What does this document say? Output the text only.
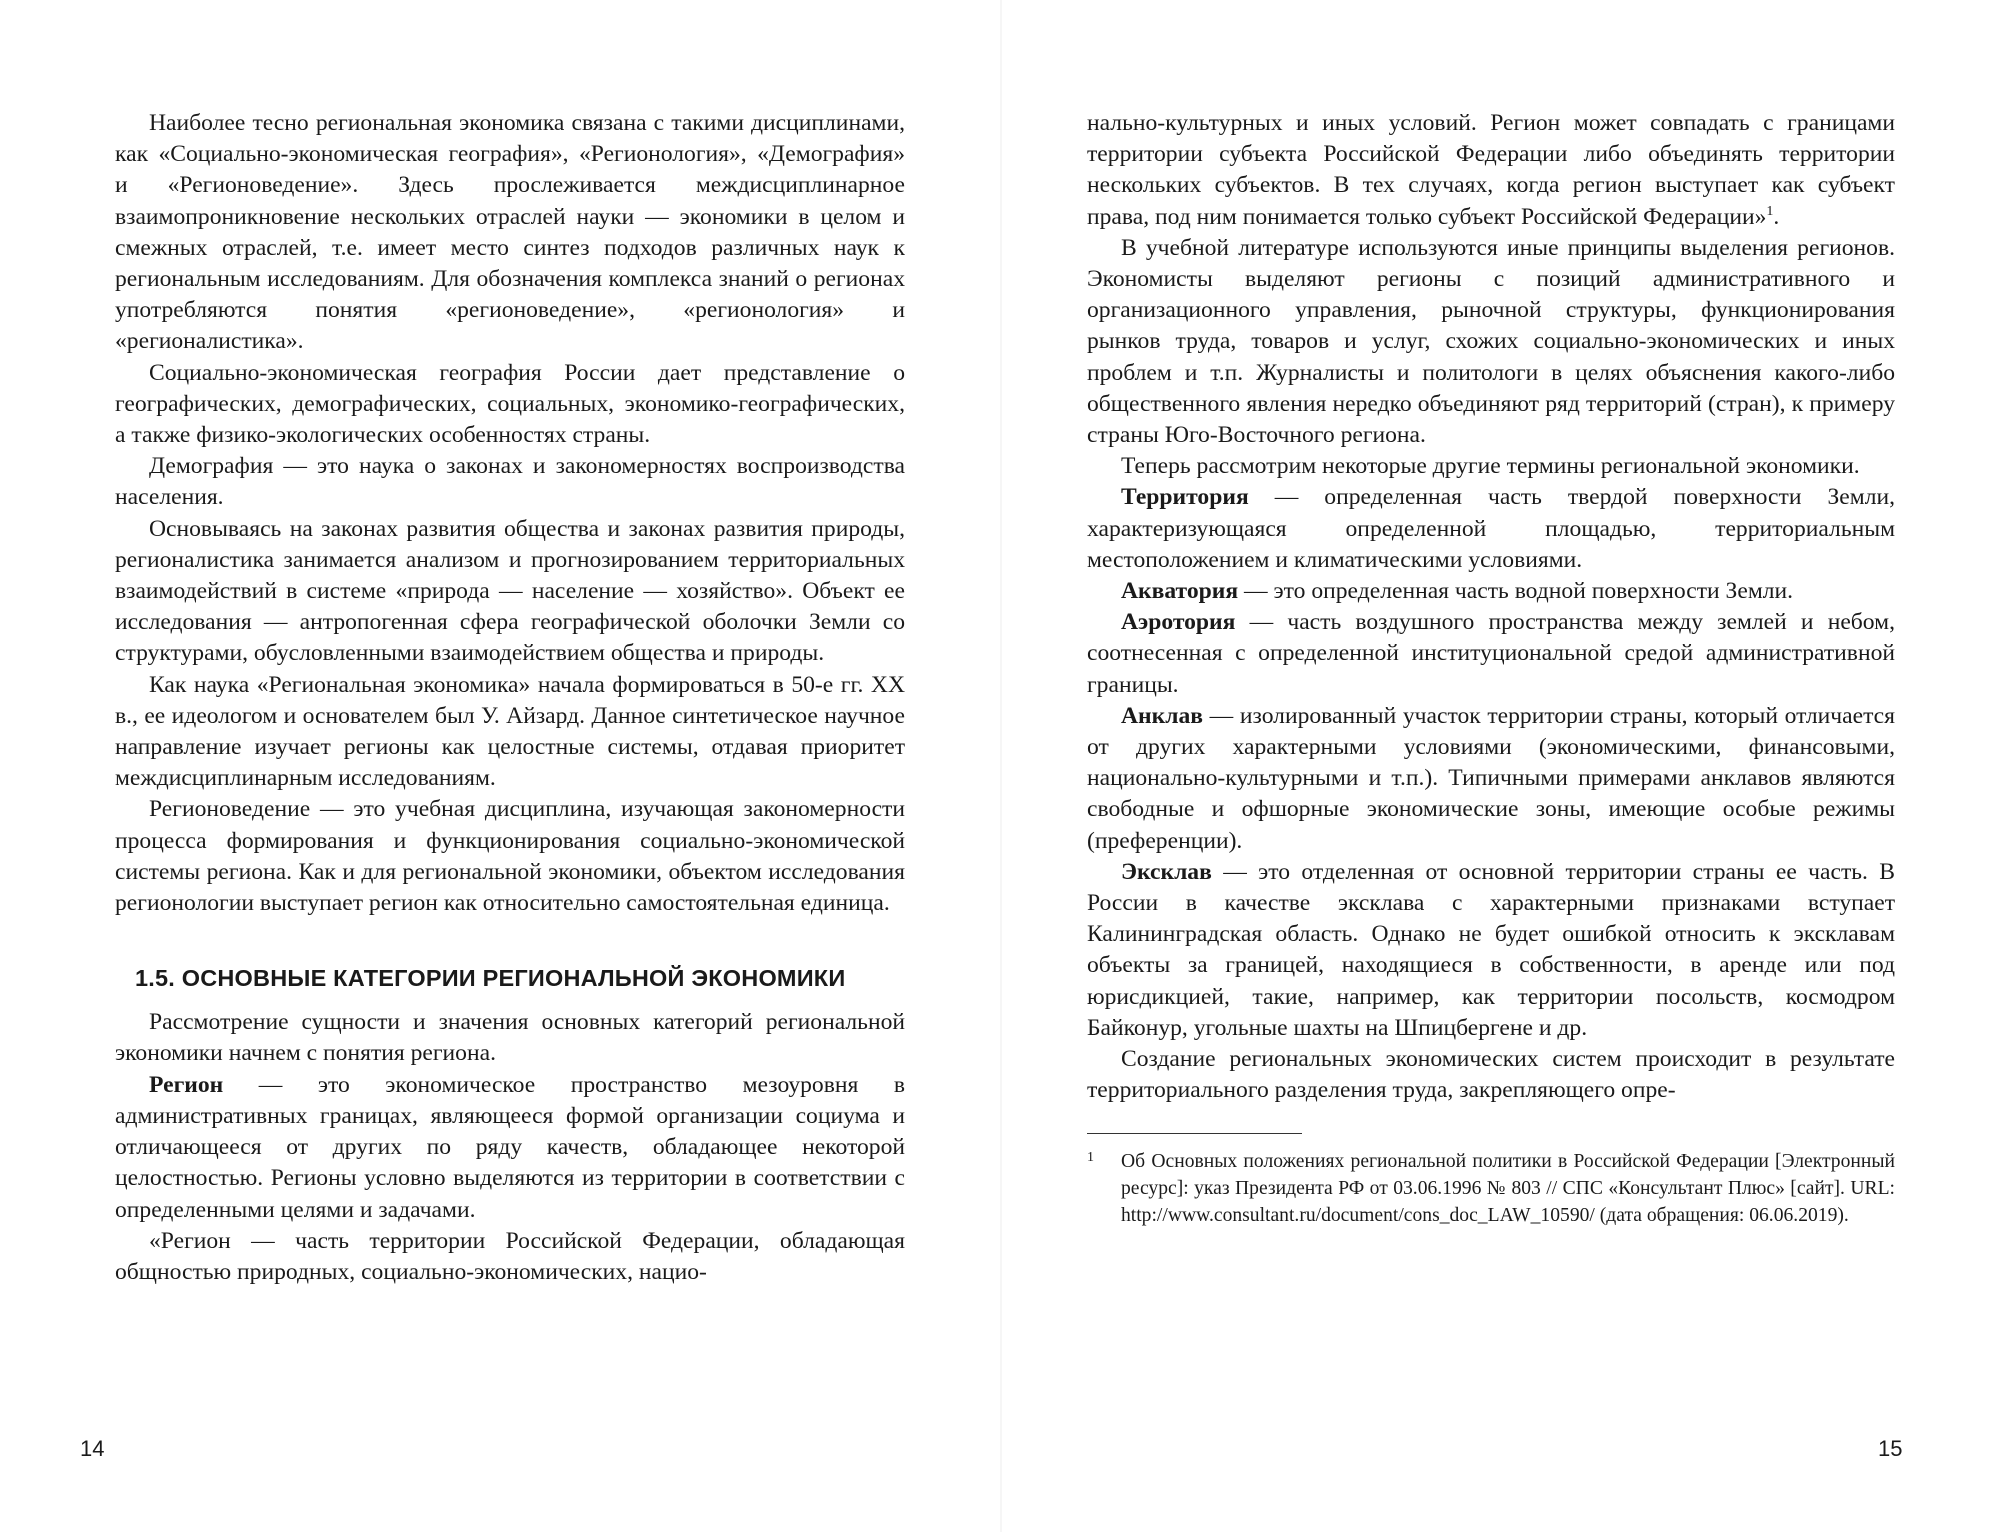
Наиболее тесно региональная экономика связана с такими дисциплинами, как «Социально-экономическая география», «Регионология», «Демография» и «Регионоведение». Здесь прослеживается междисциплинарное взаимопроникновение нескольких отраслей науки — экономики в целом и смежных отраслей, т.е. имеет место синтез подходов различных наук к региональным исследованиям. Для обозначения комплекса знаний о регионах употребляются понятия «регионоведение», «регионология» и «регионалистика».

Социально-экономическая география России дает представление о географических, демографических, социальных, экономико-географических, а также физико-экологических особенностях страны.

Демография — это наука о законах и закономерностях воспроизводства населения.

Основываясь на законах развития общества и законах развития природы, регионалистика занимается анализом и прогнозированием территориальных взаимодействий в системе «природа — население — хозяйство». Объект ее исследования — антропогенная сфера географической оболочки Земли со структурами, обусловленными взаимодействием общества и природы.

Как наука «Региональная экономика» начала формироваться в 50-е гг. XX в., ее идеологом и основателем был У. Айзард. Данное синтетическое научное направление изучает регионы как целостные системы, отдавая приоритет междисциплинарным исследованиям.

Регионоведение — это учебная дисциплина, изучающая закономерности процесса формирования и функционирования социально-экономической системы региона. Как и для региональной экономики, объектом исследования регионологии выступает регион как относительно самостоятельная единица.

1.5. ОСНОВНЫЕ КАТЕГОРИИ РЕГИОНАЛЬНОЙ ЭКОНОМИКИ

Рассмотрение сущности и значения основных категорий региональной экономики начнем с понятия региона.

Регион — это экономическое пространство мезоуровня в административных границах, являющееся формой организации социума и отличающееся от других по ряду качеств, обладающее некоторой целостностью. Регионы условно выделяются из территории в соответствии с определенными целями и задачами.

«Регион — часть территории Российской Федерации, обладающая общностью природных, социально-экономических, нацио-

нально-культурных и иных условий. Регион может совпадать с границами территории субъекта Российской Федерации либо объединять территории нескольких субъектов. В тех случаях, когда регион выступает как субъект права, под ним понимается только субъект Российской Федерации»$^1$.

В учебной литературе используются иные принципы выделения регионов. Экономисты выделяют регионы с позиций административного и организационного управления, рыночной структуры, функционирования рынков труда, товаров и услуг, схожих социально-экономических и иных проблем и т.п. Журналисты и политологи в целях объяснения какого-либо общественного явления нередко объединяют ряд территорий (стран), к примеру страны Юго-Восточного региона.

Теперь рассмотрим некоторые другие термины региональной экономики.

Территория — определенная часть твердой поверхности Земли, характеризующаяся определенной площадью, территориальным местоположением и климатическими условиями.

Акватория — это определенная часть водной поверхности Земли.

Аэротория — часть воздушного пространства между землей и небом, соотнесенная с определенной институциональной средой административной границы.

Анклав — изолированный участок территории страны, который отличается от других характерными условиями (экономическими, финансовыми, национально-культурными и т.п.). Типичными примерами анклавов являются свободные и офшорные экономические зоны, имеющие особые режимы (преференции).

Эксклав — это отделенная от основной территории страны ее часть. В России в качестве эксклава с характерными признаками вступает Калининградская область. Однако не будет ошибкой относить к эксклавам объекты за границей, находящиеся в собственности, в аренде или под юрисдикцией, такие, например, как территории посольств, космодром Байконур, угольные шахты на Шпицбергене и др.

Создание региональных экономических систем происходит в результате территориального разделения труда, закрепляющего опре-

1	Об Основных положениях региональной политики в Российской Федерации [Электронный ресурс]: указ Президента РФ от 03.06.1996 № 803 // СПС «Консультант Плюс» [сайт]. URL: http://www.consultant.ru/document/cons_doc_LAW_10590/ (дата обращения: 06.06.2019).
14	15
